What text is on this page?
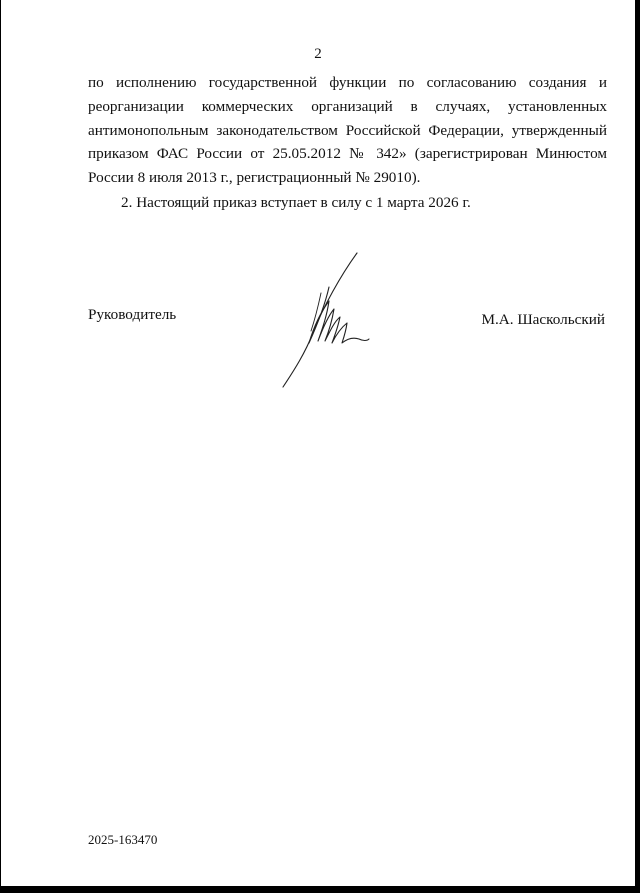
2

по исполнению государственной функции по согласованию создания и реорганизации коммерческих организаций в случаях, установленных антимонопольным законодательством Российской Федерации, утвержденный приказом ФАС России от 25.05.2012 № 342» (зарегистрирован Минюстом России 8 июля 2013 г., регистрационный № 29010).

2. Настоящий приказ вступает в силу с 1 марта 2026 г.

Руководитель	М.А. Шаскольский
2025-163470
